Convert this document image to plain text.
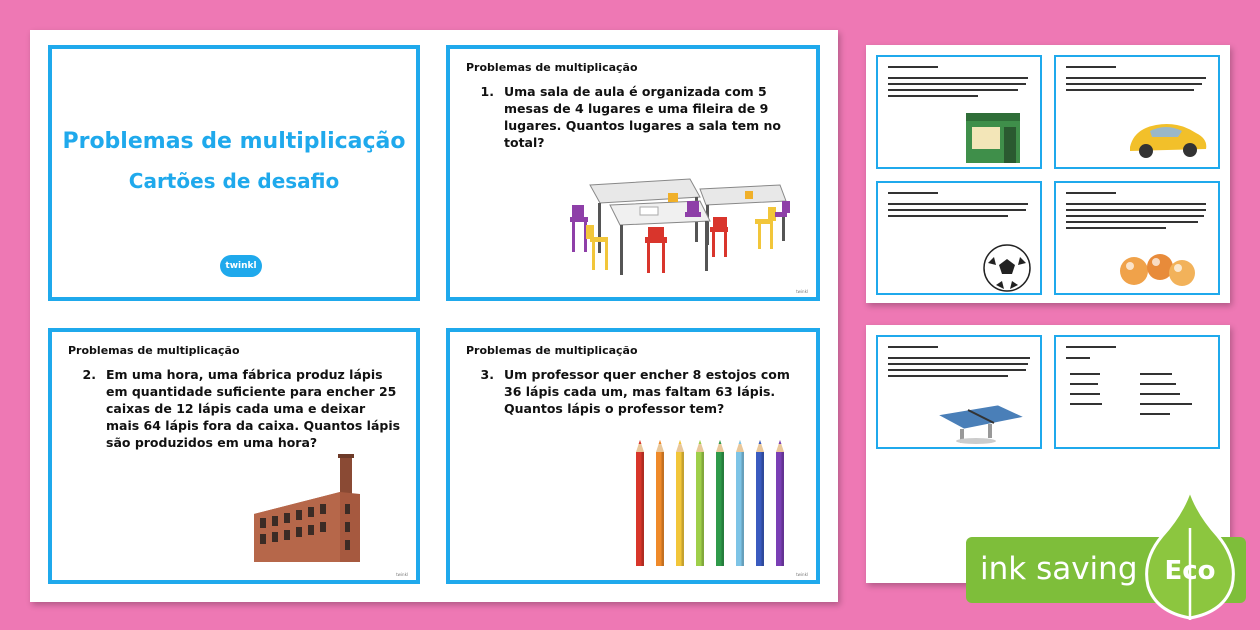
Problemas de multiplicação
Cartões de desafio
twinkl
Problemas de multiplicação
1. Uma sala de aula é organizada com 5 mesas de 4 lugares e uma fileira de 9 lugares. Quantos lugares a sala tem no total?
twinkl
Problemas de multiplicação
2. Em uma hora, uma fábrica produz lápis em quantidade suficiente para encher 25 caixas de 12 lápis cada uma e deixar mais 64 lápis fora da caixa. Quantos lápis são produzidos em uma hora?
twinkl
Problemas de multiplicação
3. Um professor quer encher 8 estojos com 36 lápis cada um, mas faltam 63 lápis. Quantos lápis o professor tem?
twinkl	ink saving Eco
